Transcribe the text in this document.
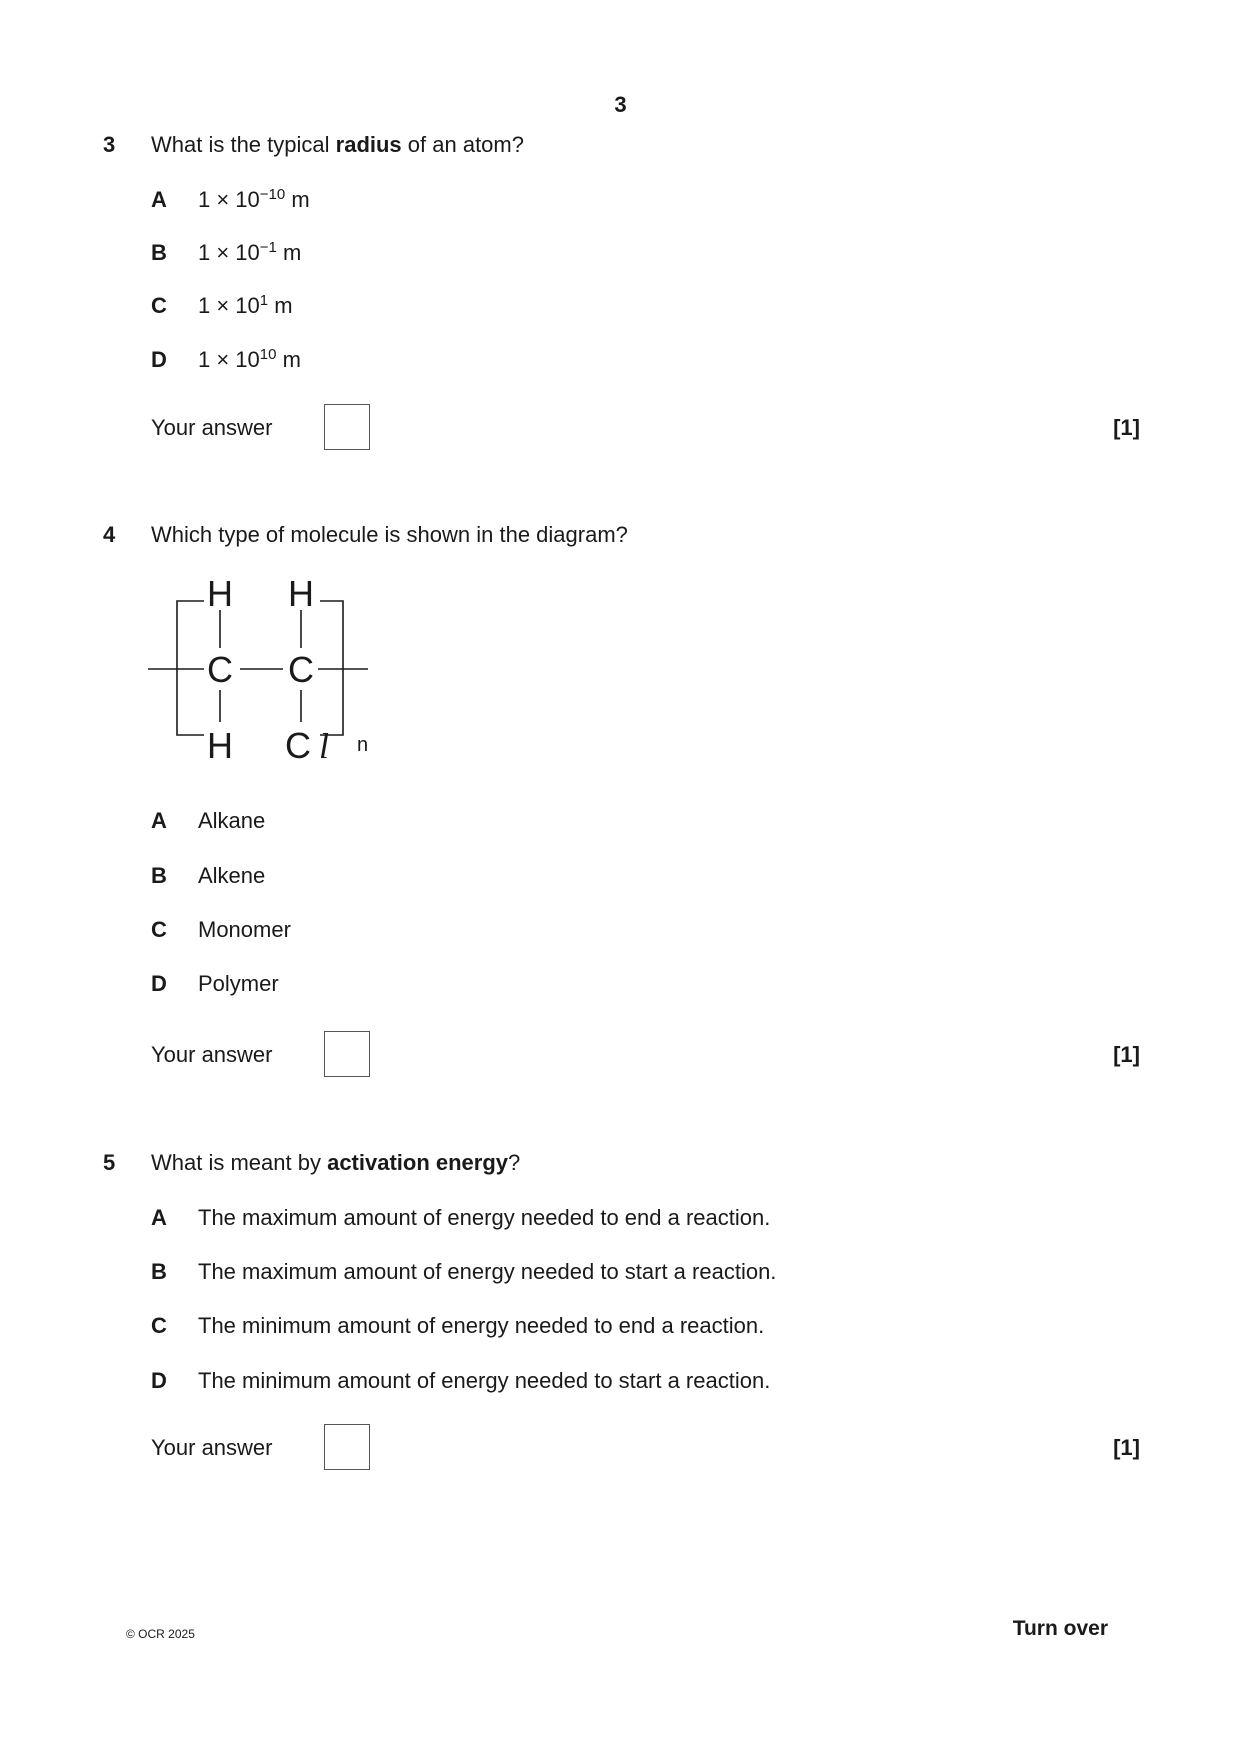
3
3 What is the typical radius of an atom?
A $1 \times 10^{-10}$ m
B $1 \times 10^{-1}$ m
C $1 \times 10^1$ m
D $1 \times 10^{10}$ m
Your answer	[1]
4 Which type of molecule is shown in the diagram?
H H
C C
H C l n
A Alkane
B Alkene
C Monomer
D Polymer
Your answer	[1]
5 What is meant by activation energy?
A The maximum amount of energy needed to end a reaction.
B The maximum amount of energy needed to start a reaction.
C The minimum amount of energy needed to end a reaction.
D The minimum amount of energy needed to start a reaction.
Your answer	[1]
© OCR 2025	Turn over
